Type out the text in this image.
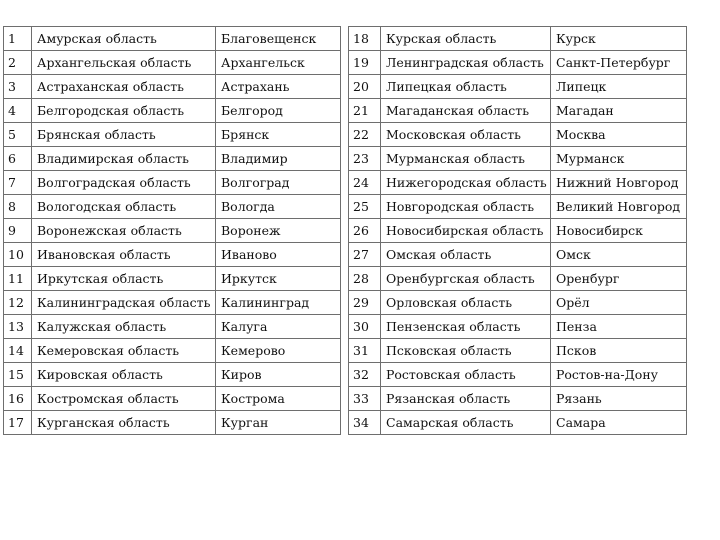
1	Амурская область	Благовещенск
2	Архангельская область	Архангельск
3	Астраханская область	Астрахань
4	Белгородская область	Белгород
5	Брянская область	Брянск
6	Владимирская область	Владимир
7	Волгоградская область	Волгоград
8	Вологодская область	Вологда
9	Воронежская область	Воронеж
10	Ивановская область	Иваново
11	Иркутская область	Иркутск
12	Калининградская область	Калининград
13	Калужская область	Калуга
14	Кемеровская область	Кемерово
15	Кировская область	Киров
16	Костромская область	Кострома
17	Курганская область	Курган
18	Курская область	Курск
19	Ленинградская область	Санкт-Петербург
20	Липецкая область	Липецк
21	Магаданская область	Магадан
22	Московская область	Москва
23	Мурманская область	Мурманск
24	Нижегородская область	Нижний Новгород
25	Новгородская область	Великий Новгород
26	Новосибирская область	Новосибирск
27	Омская область	Омск
28	Оренбургская область	Оренбург
29	Орловская область	Орёл
30	Пензенская область	Пенза
31	Псковская область	Псков
32	Ростовская область	Ростов-на-Дону
33	Рязанская область	Рязань
34	Самарская область	Самара
